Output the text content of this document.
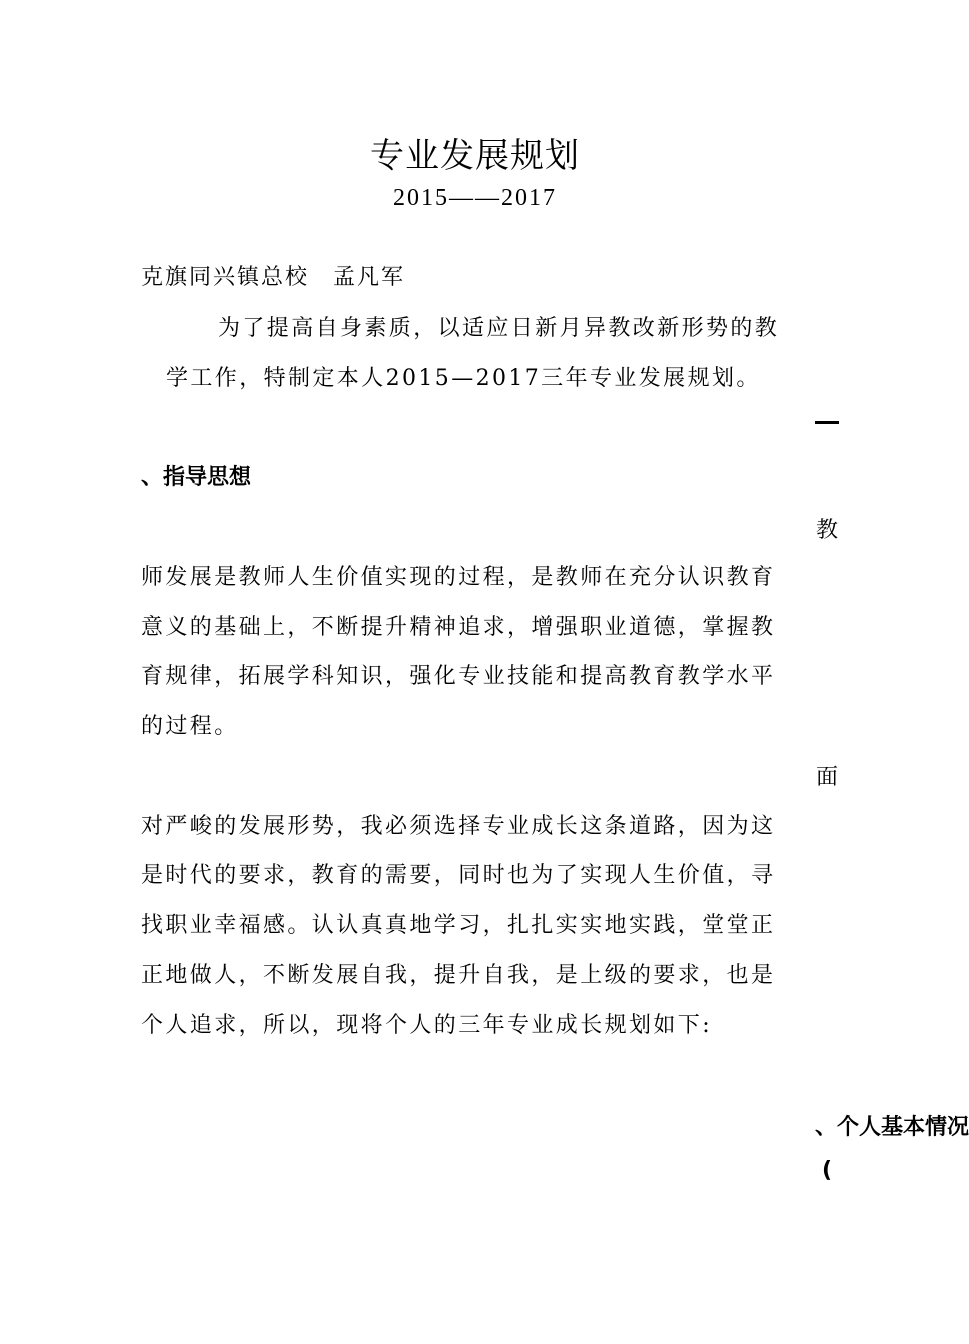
专业发展规划
2015——2017
克旗同兴镇总校　孟凡军
为了提高自身素质，以适应日新月异教改新形势的教
学工作，特制定本人2015—2017三年专业发展规划。
、指导思想
教
师发展是教师人生价值实现的过程，是教师在充分认识教育
意义的基础上，不断提升精神追求，增强职业道德，掌握教
育规律，拓展学科知识，强化专业技能和提高教育教学水平
的过程。
面
对严峻的发展形势，我必须选择专业成长这条道路，因为这
是时代的要求，教育的需要，同时也为了实现人生价值，寻
找职业幸福感。认认真真地学习，扎扎实实地实践，堂堂正
正地做人，不断发展自我，提升自我，是上级的要求，也是
个人追求，所以，现将个人的三年专业成长规划如下:
、个人基本情况
(
